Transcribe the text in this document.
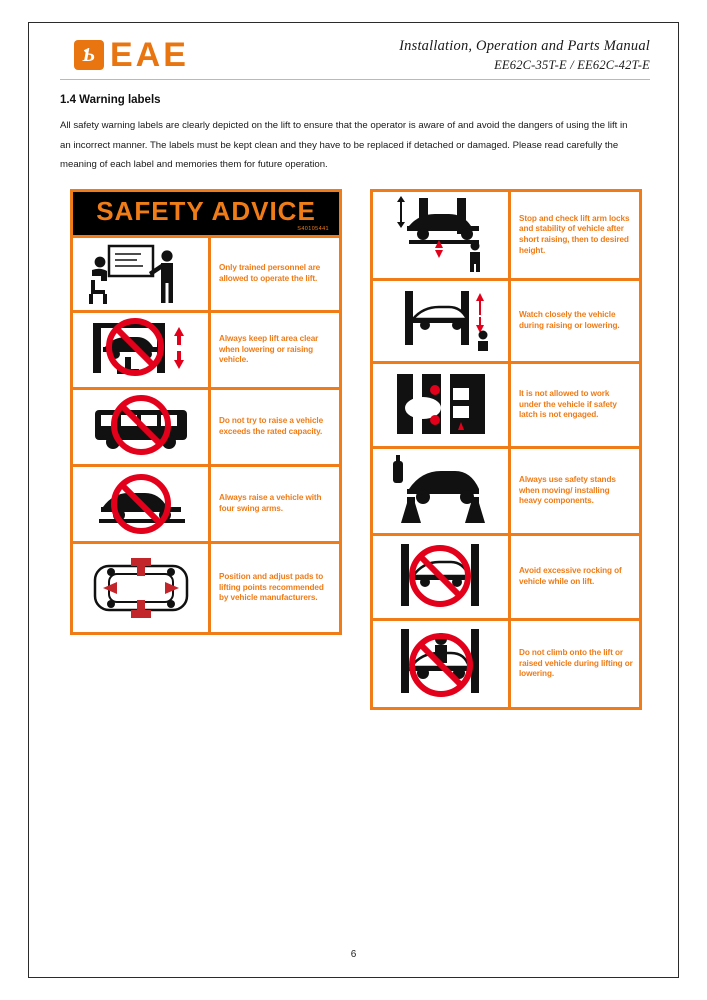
Ƅ EAE	Installation, Operation and Parts Manual
EE62C-35T-E / EE62C-42T-E
1.4 Warning labels
All safety warning labels are clearly depicted on the lift to ensure that the operator is aware of and avoid the dangers of using the lift in an incorrect manner. The labels must be kept clean and they have to be replaced if detached or damaged. Please read carefully the meaning of each label and memories them for future operation.
SAFETY ADVICE
S40105441
Only trained personnel are allowed to operate the lift.
Always keep lift area clear when lowering or raising vehicle.
Do not try to raise a vehicle exceeds the rated capacity.
Always raise a vehicle with four swing arms.
Position and adjust pads to lifting points recommended by vehicle manufacturers.
Stop and check lift arm locks and stability of vehicle after short raising, then to desired height.
Watch closely the vehicle during raising or lowering.
It is not allowed to work under the vehicle if safety latch is not engaged.
Always use safety stands when moving/ installing heavy components.
Avoid excessive rocking of vehicle while on lift.
Do not climb onto the lift or raised vehicle during lifting or lowering.
6
